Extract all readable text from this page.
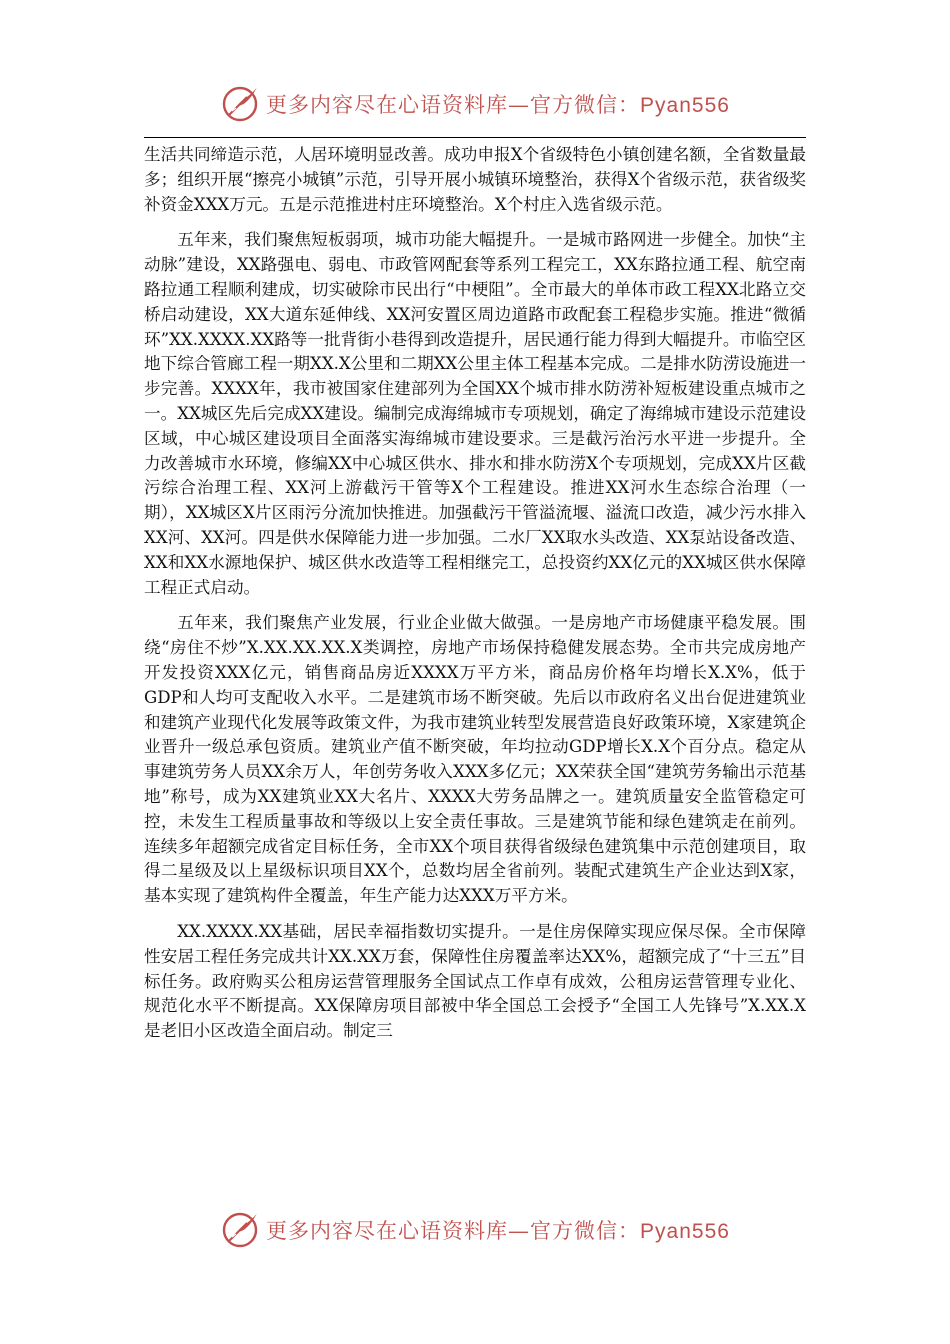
更多内容尽在心语资料库—官方微信：Pyan556

生活共同缔造示范，人居环境明显改善。成功申报X个省级特色小镇创建名额，全省数量最多；组织开展“擦亮小城镇”示范，引导开展小城镇环境整治，获得X个省级示范，获省级奖补资金XXX万元。五是示范推进村庄环境整治。X个村庄入选省级示范。

五年来，我们聚焦短板弱项，城市功能大幅提升。一是城市路网进一步健全。加快“主动脉”建设，XX路强电、弱电、市政管网配套等系列工程完工，XX东路拉通工程、航空南路拉通工程顺利建成，切实破除市民出行“中梗阻”。全市最大的单体市政工程XX北路立交桥启动建设，XX大道东延伸线、XX河安置区周边道路市政配套工程稳步实施。推进“微循环”XX.XXXX.XX路等一批背街小巷得到改造提升，居民通行能力得到大幅提升。市临空区地下综合管廊工程一期XX.X公里和二期XX公里主体工程基本完成。二是排水防涝设施进一步完善。XXXX年，我市被国家住建部列为全国XX个城市排水防涝补短板建设重点城市之一。XX城区先后完成XX建设。编制完成海绵城市专项规划，确定了海绵城市建设示范建设区域，中心城区建设项目全面落实海绵城市建设要求。三是截污治污水平进一步提升。全力改善城市水环境，修编XX中心城区供水、排水和排水防涝X个专项规划，完成XX片区截污综合治理工程、XX河上游截污干管等X个工程建设。推进XX河水生态综合治理（一期），XX城区X片区雨污分流加快推进。加强截污干管溢流堰、溢流口改造，减少污水排入XX河、XX河。四是供水保障能力进一步加强。二水厂XX取水头改造、XX泵站设备改造、XX和XX水源地保护、城区供水改造等工程相继完工，总投资约XX亿元的XX城区供水保障工程正式启动。

五年来，我们聚焦产业发展，行业企业做大做强。一是房地产市场健康平稳发展。围绕“房住不炒”X.XX.XX.XX.X类调控，房地产市场保持稳健发展态势。全市共完成房地产开发投资XXX亿元，销售商品房近XXXX万平方米，商品房价格年均增长X.X%，低于GDP和人均可支配收入水平。二是建筑市场不断突破。先后以市政府名义出台促进建筑业和建筑产业现代化发展等政策文件，为我市建筑业转型发展营造良好政策环境，X家建筑企业晋升一级总承包资质。建筑业产值不断突破，年均拉动GDP增长X.X个百分点。稳定从事建筑劳务人员XX余万人，年创劳务收入XXX多亿元；XX荣获全国“建筑劳务输出示范基地”称号，成为XX建筑业XX大名片、XXXX大劳务品牌之一。建筑质量安全监管稳定可控，未发生工程质量事故和等级以上安全责任事故。三是建筑节能和绿色建筑走在前列。连续多年超额完成省定目标任务，全市XX个项目获得省级绿色建筑集中示范创建项目，取得二星级及以上星级标识项目XX个，总数均居全省前列。装配式建筑生产企业达到X家，基本实现了建筑构件全覆盖，年生产能力达XXX万平方米。

XX.XXXX.XX基础，居民幸福指数切实提升。一是住房保障实现应保尽保。全市保障性安居工程任务完成共计XX.XX万套，保障性住房覆盖率达XX%，超额完成了“十三五”目标任务。政府购买公租房运营管理服务全国试点工作卓有成效，公租房运营管理专业化、规范化水平不断提高。XX保障房项目部被中华全国总工会授予“全国工人先锋号”X.XX.X是老旧小区改造全面启动。制定三

更多内容尽在心语资料库—官方微信：Pyan556
